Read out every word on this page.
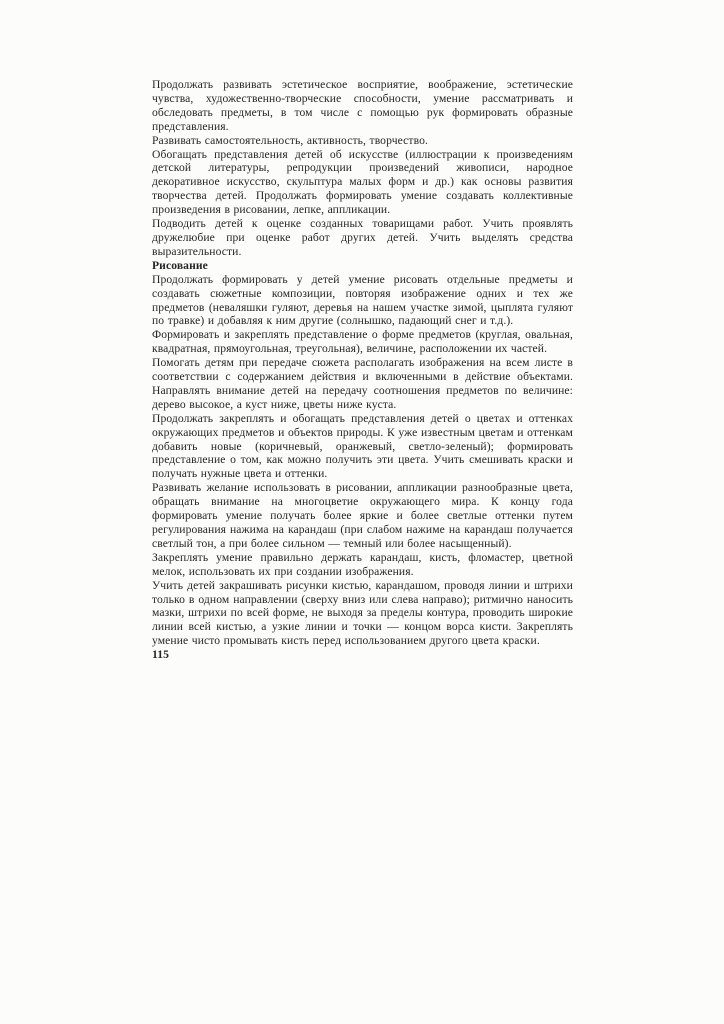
Продолжать развивать эстетическое восприятие, воображение, эстетические чувства, художественно-творческие способности, умение рассматривать и обследовать предметы, в том числе с помощью рук формировать образные представления.

Развивать самостоятельность, активность, творчество.

Обогащать представления детей об искусстве (иллюстрации к произведениям детской литературы, репродукции произведений живописи, народное декоративное искусство, скульптура малых форм и др.) как основы развития творчества детей. Продолжать формировать умение создавать коллективные произведения в рисовании, лепке, аппликации.

Подводить детей к оценке созданных товарищами работ. Учить проявлять дружелюбие при оценке работ других детей. Учить выделять средства выразительности.

Рисование

Продолжать формировать у детей умение рисовать отдельные предметы и создавать сюжетные композиции, повторяя изображение одних и тех же предметов (неваляшки гуляют, деревья на нашем участке зимой, цыплята гуляют по травке) и добавляя к ним другие (солнышко, падающий снег и т.д.).

Формировать и закреплять представление о форме предметов (круглая, овальная, квадратная, прямоугольная, треугольная), величине, расположении их частей.

Помогать детям при передаче сюжета располагать изображения на всем листе в соответствии с содержанием действия и включенными в действие объектами. Направлять внимание детей на передачу соотношения предметов по величине: дерево высокое, а куст ниже, цветы ниже куста.

Продолжать закреплять и обогащать представления детей о цветах и оттенках окружающих предметов и объектов природы. К уже известным цветам и оттенкам добавить новые (коричневый, оранжевый, светло-зеленый); формировать представление о том, как можно получить эти цвета. Учить смешивать краски и получать нужные цвета и оттенки.

Развивать желание использовать в рисовании, аппликации разнообразные цвета, обращать внимание на многоцветие окружающего мира. К концу года формировать умение получать более яркие и более светлые оттенки путем регулирования нажима на карандаш (при слабом нажиме на карандаш получается светлый тон, а при более сильном — темный или более насыщенный).

Закреплять умение правильно держать карандаш, кисть, фломастер, цветной мелок, использовать их при создании изображения.

Учить детей закрашивать рисунки кистью, карандашом, проводя линии и штрихи только в одном направлении (сверху вниз или слева направо); ритмично наносить мазки, штрихи по всей форме, не выходя за пределы контура, проводить широкие линии всей кистью, а узкие линии и точки — концом ворса кисти. Закреплять умение чисто промывать кисть перед использованием другого цвета краски.

115
